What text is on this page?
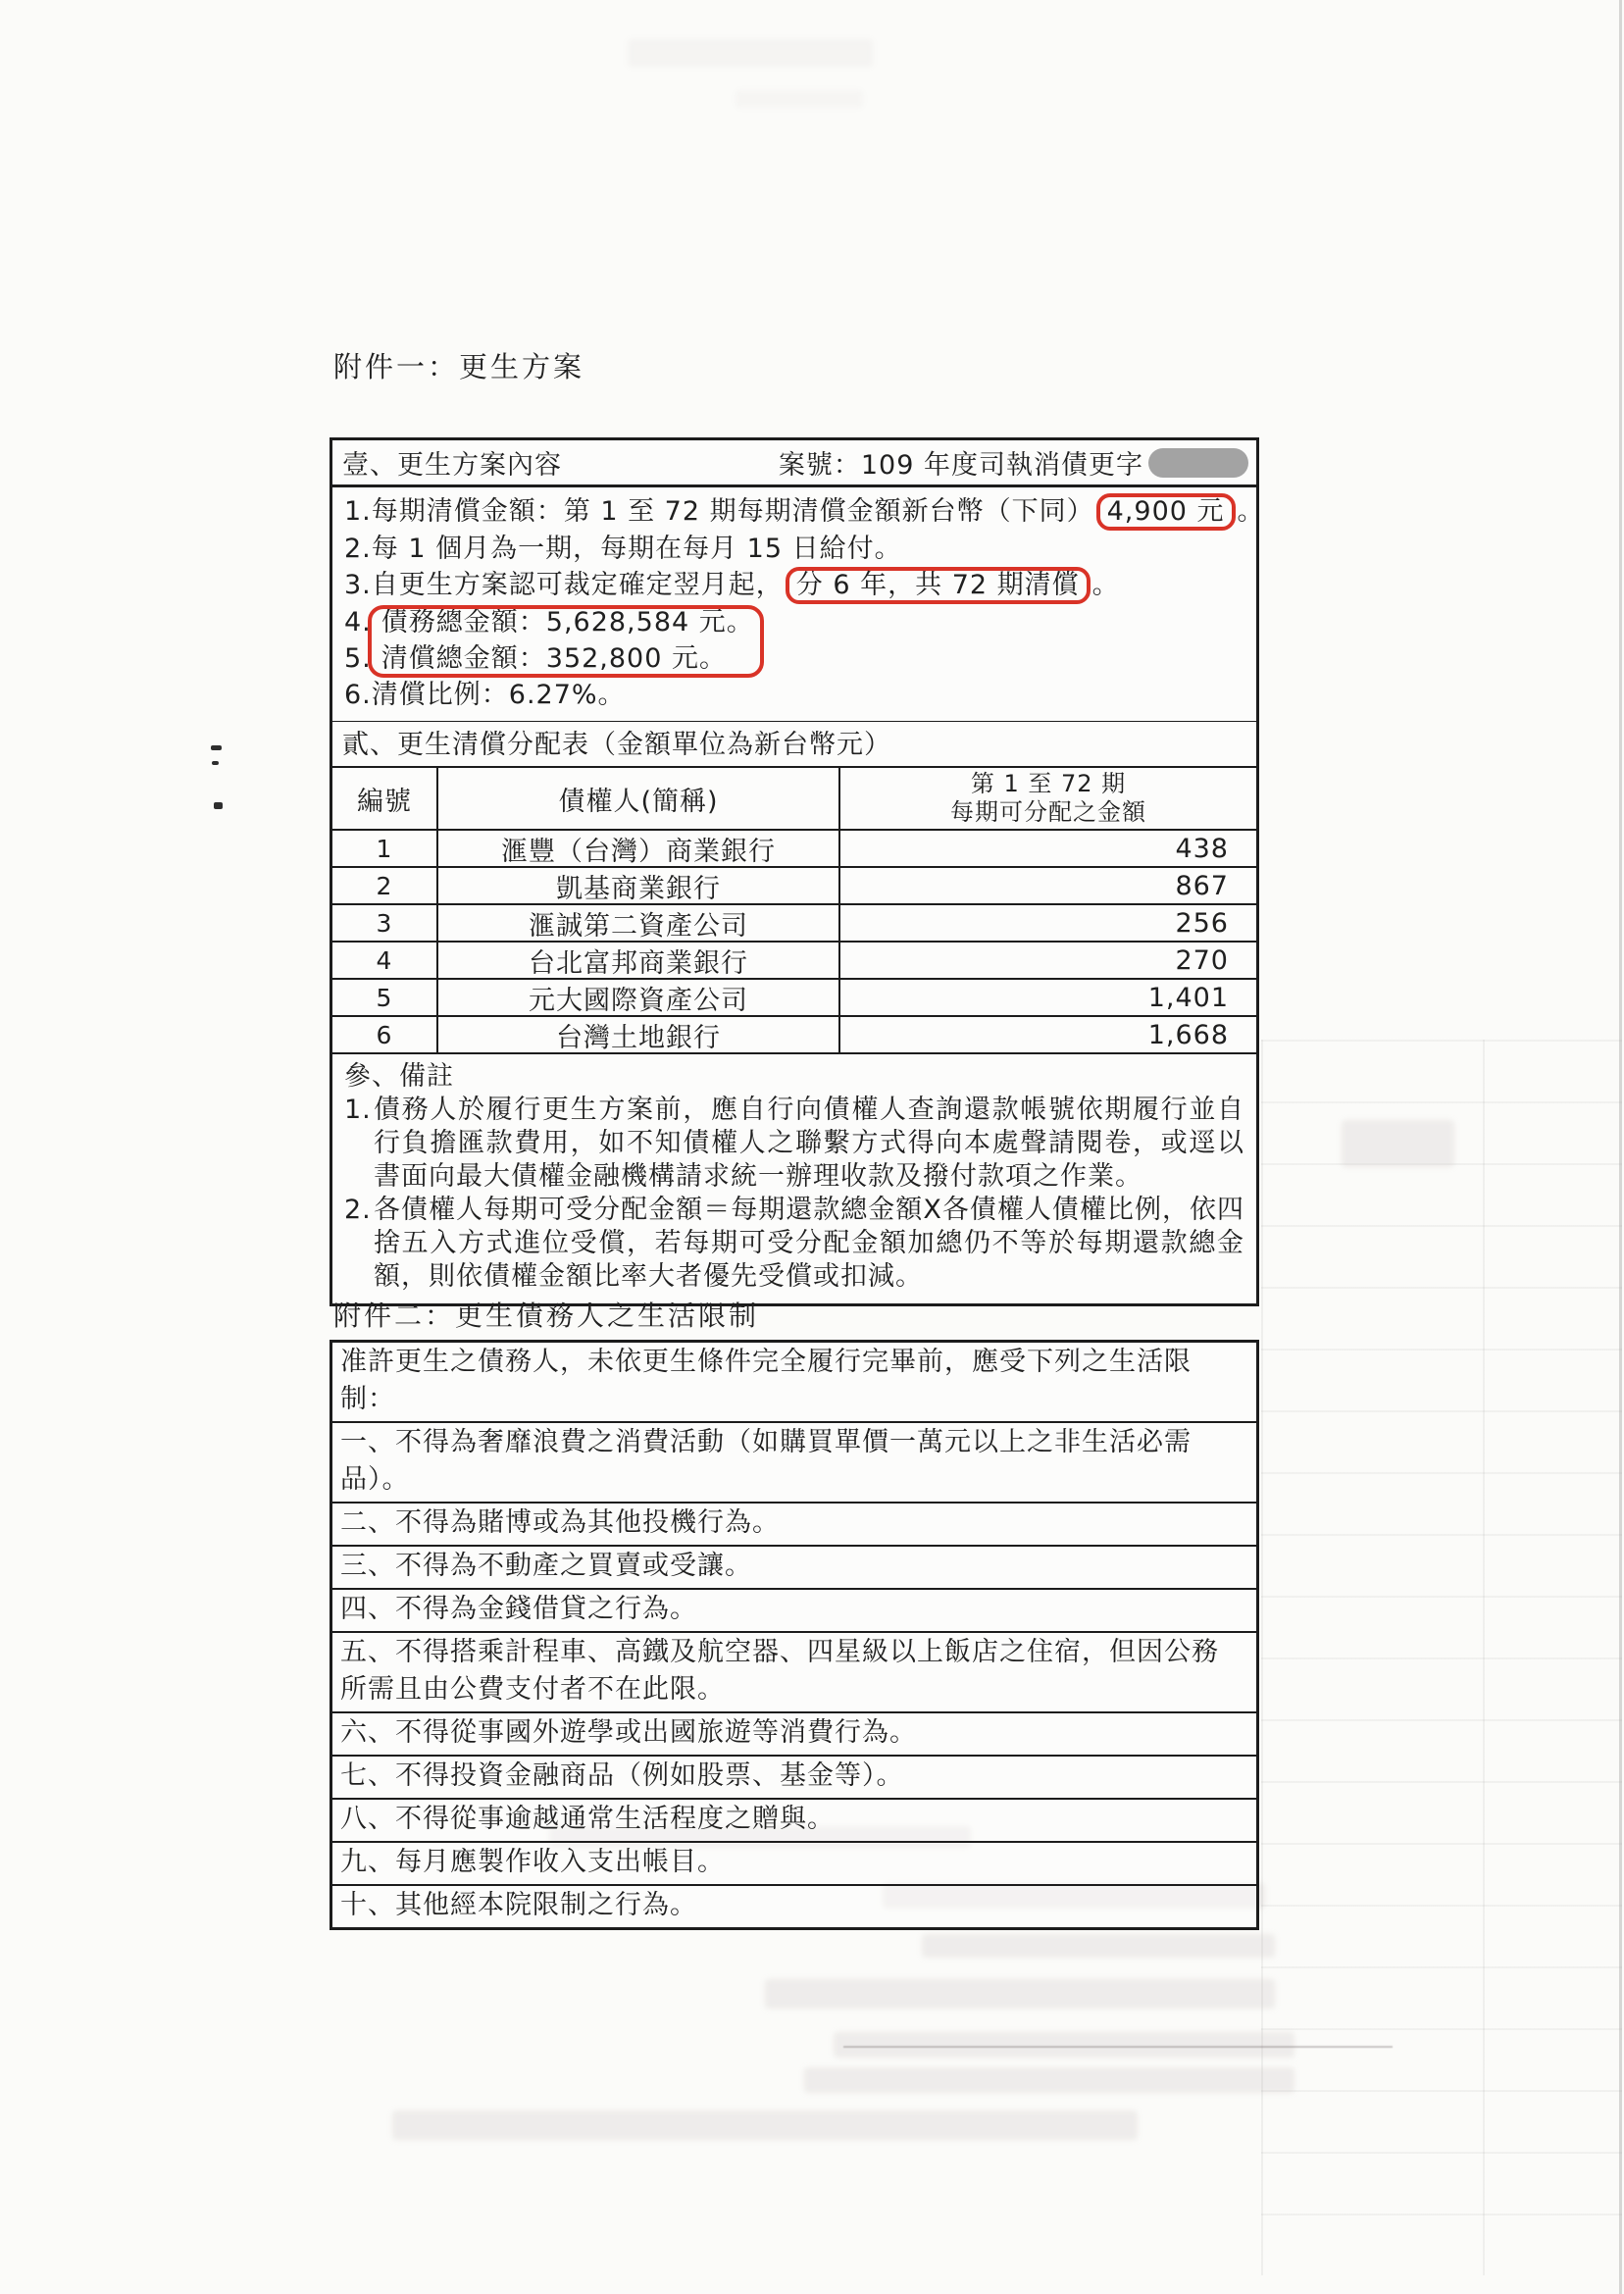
附件一：更生方案
壹、更生方案內容	案號：109 年度司執消債更字
1.每期清償金額：第 1 至 72 期每期清償金額新台幣（下同） 4,900 元 。
2.每 1 個月為一期，每期在每月 15 日給付。
3.自更生方案認可裁定確定翌月起， 分 6 年，共 72 期清償 。
4. 債務總金額：5,628,584 元。
5. 清償總金額：352,800 元。
6.清償比例：6.27%。
貳、更生清償分配表（金額單位為新台幣元）
編號	債權人(簡稱)
第 1 至 72 期
每期可分配之金額
1	滙豐（台灣）商業銀行	438
2	凱基商業銀行	867
3	滙誠第二資產公司	256
4	台北富邦商業銀行	270
5	元大國際資產公司	1,401
6	台灣土地銀行	1,668
參、備註
1. 債務人於履行更生方案前，應自行向債權人查詢還款帳號依期履行並自行負擔匯款費用，如不知債權人之聯繫方式得向本處聲請閱卷，或逕以書面向最大債權金融機構請求統一辦理收款及撥付款項之作業。
2. 各債權人每期可受分配金額＝每期還款總金額X各債權人債權比例，依四捨五入方式進位受償，若每期可受分配金額加總仍不等於每期還款總金額，則依債權金額比率大者優先受償或扣減。
附件二：更生債務人之生活限制
准許更生之債務人，未依更生條件完全履行完畢前，應受下列之生活限制：
一、不得為奢靡浪費之消費活動（如購買單價一萬元以上之非生活必需品）。
二、不得為賭博或為其他投機行為。
三、不得為不動產之買賣或受讓。
四、不得為金錢借貸之行為。
五、不得搭乘計程車、高鐵及航空器、四星級以上飯店之住宿，但因公務所需且由公費支付者不在此限。
六、不得從事國外遊學或出國旅遊等消費行為。
七、不得投資金融商品（例如股票、基金等）。
八、不得從事逾越通常生活程度之贈與。
九、每月應製作收入支出帳目。
十、其他經本院限制之行為。
